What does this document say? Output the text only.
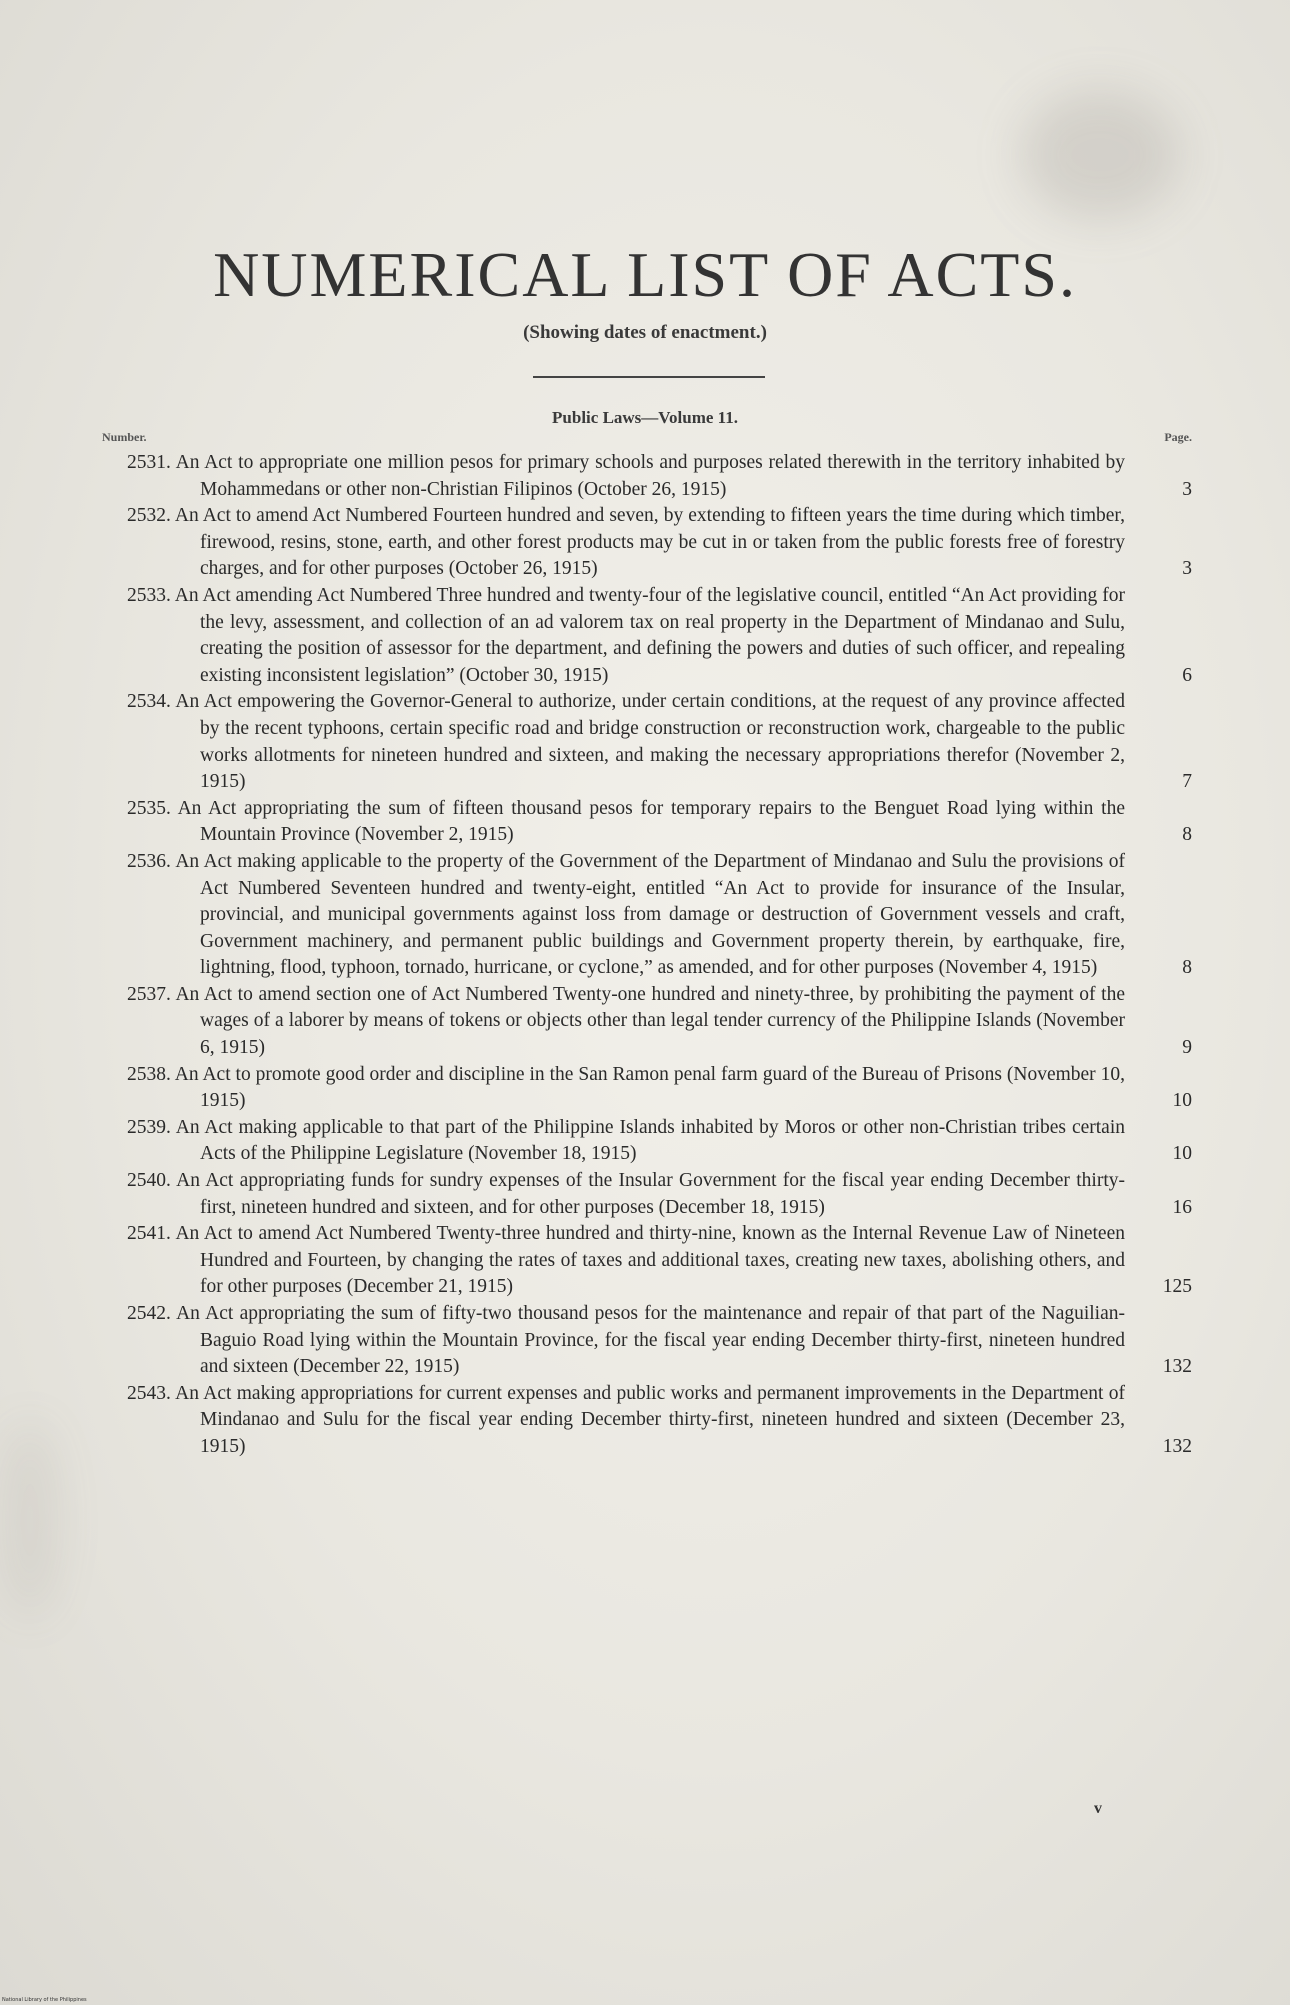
NUMERICAL LIST OF ACTS.
(Showing dates of enactment.)
Public Laws—Volume 11.
Number.	Page.
2531. An Act to appropriate one million pesos for primary schools and purposes related therewith in the territory inhabited by Mohammedans or other non-Christian Filipinos (October 26, 1915)	3
2532. An Act to amend Act Numbered Fourteen hundred and seven, by extending to fifteen years the time during which timber, firewood, resins, stone, earth, and other forest products may be cut in or taken from the public forests free of forestry charges, and for other purposes (October 26, 1915)	3
2533. An Act amending Act Numbered Three hundred and twenty-four of the legislative council, entitled “An Act providing for the levy, assessment, and collection of an ad valorem tax on real property in the Department of Mindanao and Sulu, creating the position of assessor for the department, and defining the powers and duties of such officer, and repealing existing inconsistent legislation” (October 30, 1915)	6
2534. An Act empowering the Governor-General to authorize, under certain conditions, at the request of any province affected by the recent typhoons, certain specific road and bridge construction or reconstruction work, chargeable to the public works allotments for nineteen hundred and sixteen, and making the necessary appropriations therefor (November 2, 1915)	7
2535. An Act appropriating the sum of fifteen thousand pesos for temporary repairs to the Benguet Road lying within the Mountain Province (November 2, 1915)	8
2536. An Act making applicable to the property of the Government of the Department of Mindanao and Sulu the provisions of Act Numbered Seventeen hundred and twenty-eight, entitled “An Act to provide for insurance of the Insular, provincial, and municipal governments against loss from damage or destruction of Government vessels and craft, Government machinery, and permanent public buildings and Government property therein, by earthquake, fire, lightning, flood, typhoon, tornado, hurricane, or cyclone,” as amended, and for other purposes (November 4, 1915)	8
2537. An Act to amend section one of Act Numbered Twenty-one hundred and ninety-three, by prohibiting the payment of the wages of a laborer by means of tokens or objects other than legal tender currency of the Philippine Islands (November 6, 1915)	9
2538. An Act to promote good order and discipline in the San Ramon penal farm guard of the Bureau of Prisons (November 10, 1915)	10
2539. An Act making applicable to that part of the Philippine Islands inhabited by Moros or other non-Christian tribes certain Acts of the Philippine Legislature (November 18, 1915)	10
2540. An Act appropriating funds for sundry expenses of the Insular Government for the fiscal year ending December thirty-first, nineteen hundred and sixteen, and for other purposes (December 18, 1915)	16
2541. An Act to amend Act Numbered Twenty-three hundred and thirty-nine, known as the Internal Revenue Law of Nineteen Hundred and Fourteen, by changing the rates of taxes and additional taxes, creating new taxes, abolishing others, and for other purposes (December 21, 1915)	125
2542. An Act appropriating the sum of fifty-two thousand pesos for the maintenance and repair of that part of the Naguilian-Baguio Road lying within the Mountain Province, for the fiscal year ending December thirty-first, nineteen hundred and sixteen (December 22, 1915)	132
2543. An Act making appropriations for current expenses and public works and permanent improvements in the Department of Mindanao and Sulu for the fiscal year ending December thirty-first, nineteen hundred and sixteen (December 23, 1915)	132
v
National Library of the Philippines
